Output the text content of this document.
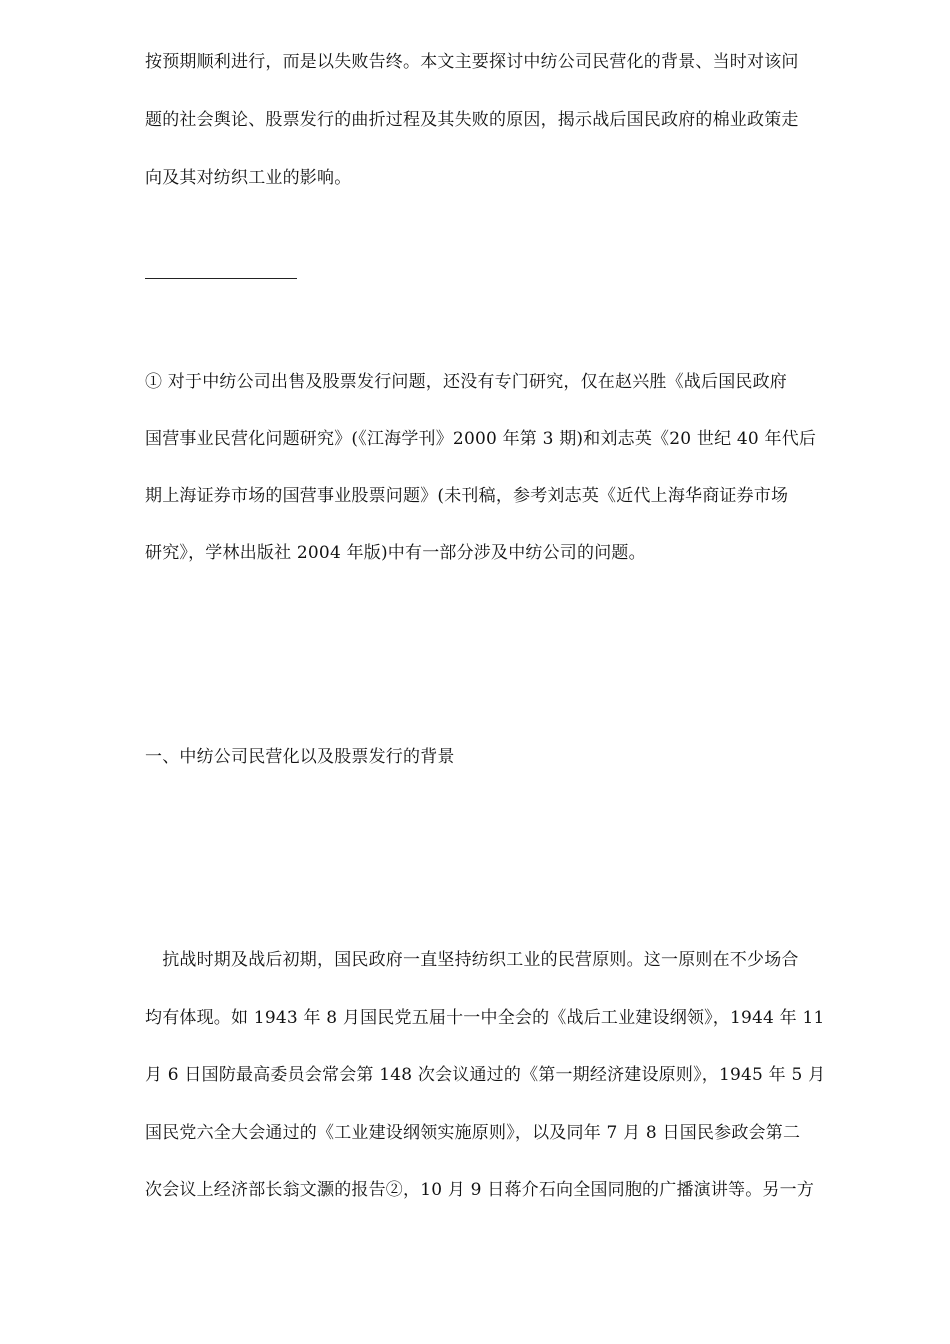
按预期顺利进行，而是以失败告终。本文主要探讨中纺公司民营化的背景、当时对该问
题的社会舆论、股票发行的曲折过程及其失败的原因，揭示战后国民政府的棉业政策走
向及其对纺织工业的影响。
① 对于中纺公司出售及股票发行问题，还没有专门研究，仅在赵兴胜《战后国民政府
国营事业民营化问题研究》(《江海学刊》2000 年第 3 期)和刘志英《20 世纪 40 年代后
期上海证券市场的国营事业股票问题》(未刊稿，参考刘志英《近代上海华商证券市场
研究》，学林出版社 2004 年版)中有一部分涉及中纺公司的问题。
一、中纺公司民营化以及股票发行的背景
　抗战时期及战后初期，国民政府一直坚持纺织工业的民营原则。这一原则在不少场合
均有体现。如 1943 年 8 月国民党五届十一中全会的《战后工业建设纲领》，1944 年 11
月 6 日国防最高委员会常会第 148 次会议通过的《第一期经济建设原则》，1945 年 5 月
国民党六全大会通过的《工业建设纲领实施原则》，以及同年 7 月 8 日国民参政会第二
次会议上经济部长翁文灏的报告②，10 月 9 日蒋介石向全国同胞的广播演讲等。另一方
